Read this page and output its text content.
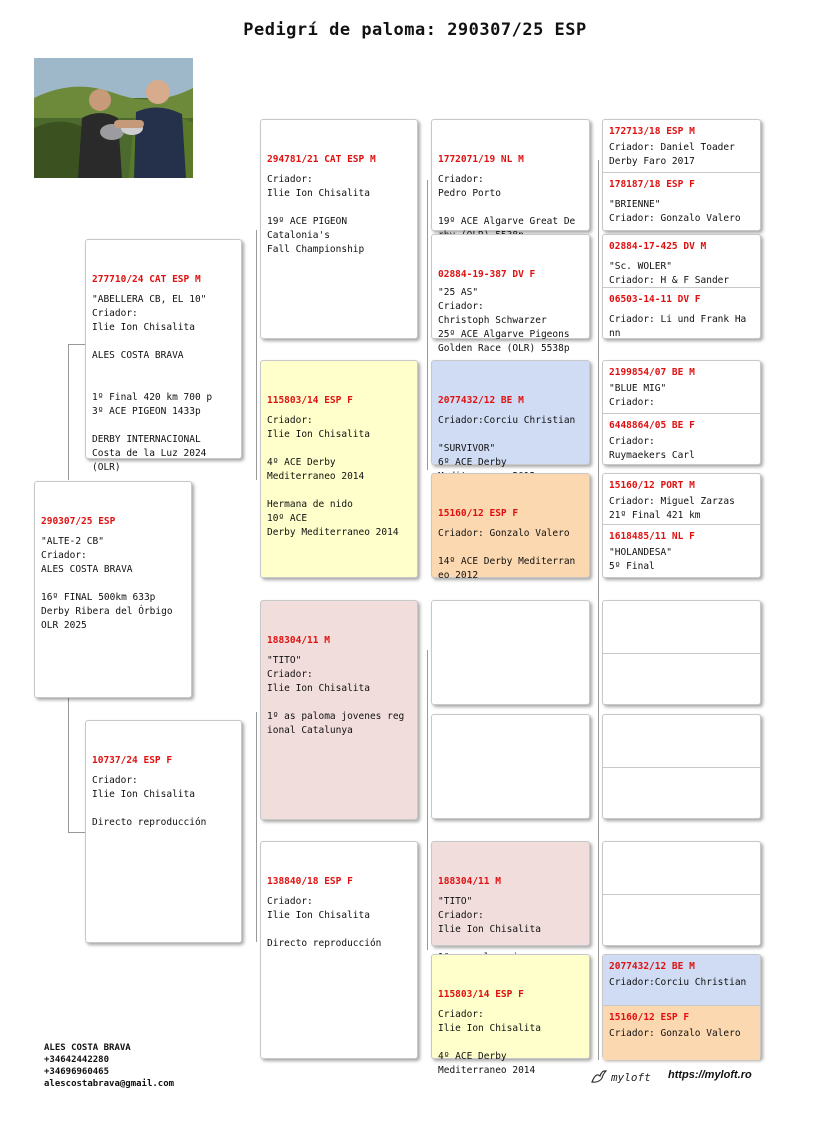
Pedigrí de paloma: 290307/25 ESP

290307/25 ESP
"ALTE-2 CB"
Criador:
ALES COSTA BRAVA

16º FINAL 500km 633p
Derby Ribera del Órbigo
OLR 2025

277710/24 CAT ESP M
"ABELLERA CB, EL 10"
Criador:
Ilie Ion Chisalita

ALES COSTA BRAVA

1º Final 420 km 700 p
3º ACE PIGEON 1433p

DERBY INTERNACIONAL
Costa de la Luz 2024
(OLR)

10737/24 ESP F
Criador:
Ilie Ion Chisalita

Directo reproducción

294781/21 CAT ESP M
Criador:
Ilie Ion Chisalita

19º ACE PIGEON
Catalonia's
Fall Championship

115803/14 ESP F
Criador:
Ilie Ion Chisalita

4º ACE Derby
Mediterraneo 2014

Hermana de nido
10º ACE
Derby Mediterraneo 2014

188304/11 M
"TITO"
Criador:
Ilie Ion Chisalita

1º as paloma jovenes reg
ional Catalunya

138840/18 ESP F
Criador:
Ilie Ion Chisalita

Directo reproducción

1772071/19 NL M
Criador:
Pedro Porto

19º ACE Algarve Great De

02884-19-387 DV F
"25 AS"
Criador:
Christoph Schwarzer
25º ACE Algarve Pigeons
Golden Race (OLR) 5538p

2077432/12 BE M
Criador:Corciu Christian

"SURVIVOR"
6º ACE Derby

15160/12 ESP F
Criador: Gonzalo Valero

14º ACE Derby Mediterran
eo 2012

188304/11 M
"TITO"
Criador:
Ilie Ion Chisalita

115803/14 ESP F
Criador:
Ilie Ion Chisalita

4º ACE Derby
Mediterraneo 2014

172713/18 ESP M
Criador: Daniel Toader
Derby Faro 2017

178187/18 ESP F
"BRIENNE"
Criador: Gonzalo Valero

02884-17-425 DV M
"Sc. WOLER"
Criador: H & F Sander

06503-14-11 DV F
Criador: Li und Frank Ha
nn

2199854/07 BE M
"BLUE MIG"
Criador:

6448864/05 BE F
Criador:
Ruymaekers Carl

15160/12 PORT M
Criador: Miguel Zarzas
21º Final 421 km

1618485/11 NL F
"HOLANDESA"
5º Final

2077432/12 BE M
Criador:Corciu Christian

15160/12 ESP F
Criador: Gonzalo Valero

ALES COSTA BRAVA
+34642442280
+34696960465
alescostabrava@gmail.com
myloft https://myloft.ro
